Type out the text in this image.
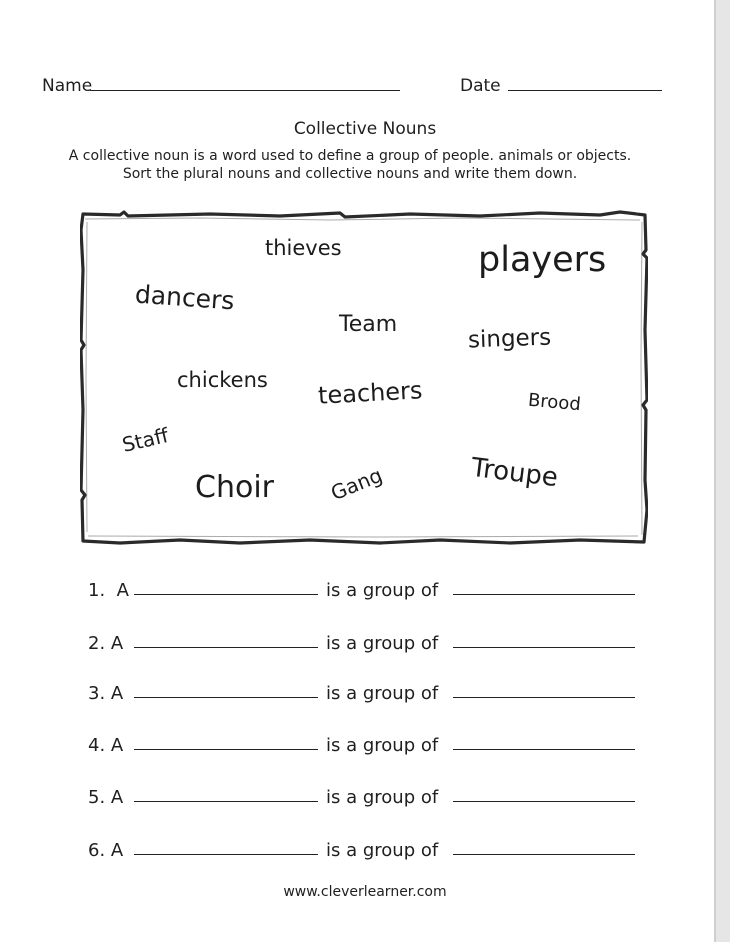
Name	Date
Collective Nouns
A collective noun is a word used to define a group of people. animals or objects.
Sort the plural nouns and collective nouns and write them down.
thieves	players
dancers
Team
singers
chickens teachers	Brood
Staff
Choir	Gang	Troupe
1. A	is a group of
2. A	is a group of
3. A	is a group of
4. A	is a group of
5. A	is a group of
6. A	is a group of
www.cleverlearner.com
